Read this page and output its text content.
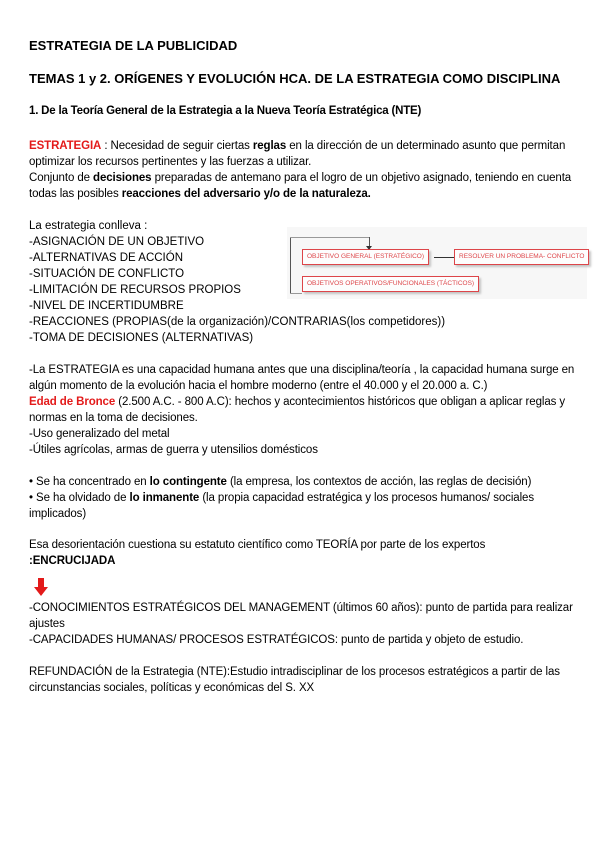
ESTRATEGIA DE LA PUBLICIDAD
TEMAS 1 y 2. ORÍGENES Y EVOLUCIÓN HCA. DE LA ESTRATEGIA COMO DISCIPLINA
1. De la Teoría General de la Estrategia a la Nueva Teoría Estratégica (NTE)
ESTRATEGIA : Necesidad de seguir ciertas reglas en la dirección de un determinado asunto que permitan optimizar los recursos pertinentes y las fuerzas a utilizar.
Conjunto de decisiones preparadas de antemano para el logro de un objetivo asignado, teniendo en cuenta todas las posibles reacciones del adversario y/o de la naturaleza.
La estrategia conlleva :
-ASIGNACIÓN DE UN OBJETIVO
-ALTERNATIVAS DE ACCIÓN
-SITUACIÓN DE CONFLICTO
-LIMITACIÓN DE RECURSOS PROPIOS
-NIVEL DE INCERTIDUMBRE
-REACCIONES (PROPIAS(de la organización)/CONTRARIAS(los competidores))
-TOMA DE DECISIONES (ALTERNATIVAS)
OBJETIVO GENERAL (ESTRATÉGICO)	RESOLVER UN PROBLEMA- CONFLICTO
OBJETIVOS OPERATIVOS/FUNCIONALES (TÁCTICOS)
-La ESTRATEGIA es una capacidad humana antes que una disciplina/teoría , la capacidad humana surge en algún momento de la evolución hacia el hombre moderno (entre el 40.000 y el 20.000 a. C.)
Edad de Bronce (2.500 A.C. - 800 A.C): hechos y acontecimientos históricos que obligan a aplicar reglas y normas en la toma de decisiones.
-Uso generalizado del metal
-Útiles agrícolas, armas de guerra y utensilios domésticos
• Se ha concentrado en lo contingente (la empresa, los contextos de acción, las reglas de decisión)
• Se ha olvidado de lo inmanente (la propia capacidad estratégica y los procesos humanos/ sociales implicados)
Esa desorientación cuestiona su estatuto científico como TEORÍA por parte de los expertos
:ENCRUCIJADA
-CONOCIMIENTOS ESTRATÉGICOS DEL MANAGEMENT (últimos 60 años): punto de partida para realizar ajustes
-CAPACIDADES HUMANAS/ PROCESOS ESTRATÉGICOS: punto de partida y objeto de estudio.
REFUNDACIÓN de la Estrategia (NTE):Estudio intradisciplinar de los procesos estratégicos a partir de las circunstancias sociales, políticas y económicas del S. XX
